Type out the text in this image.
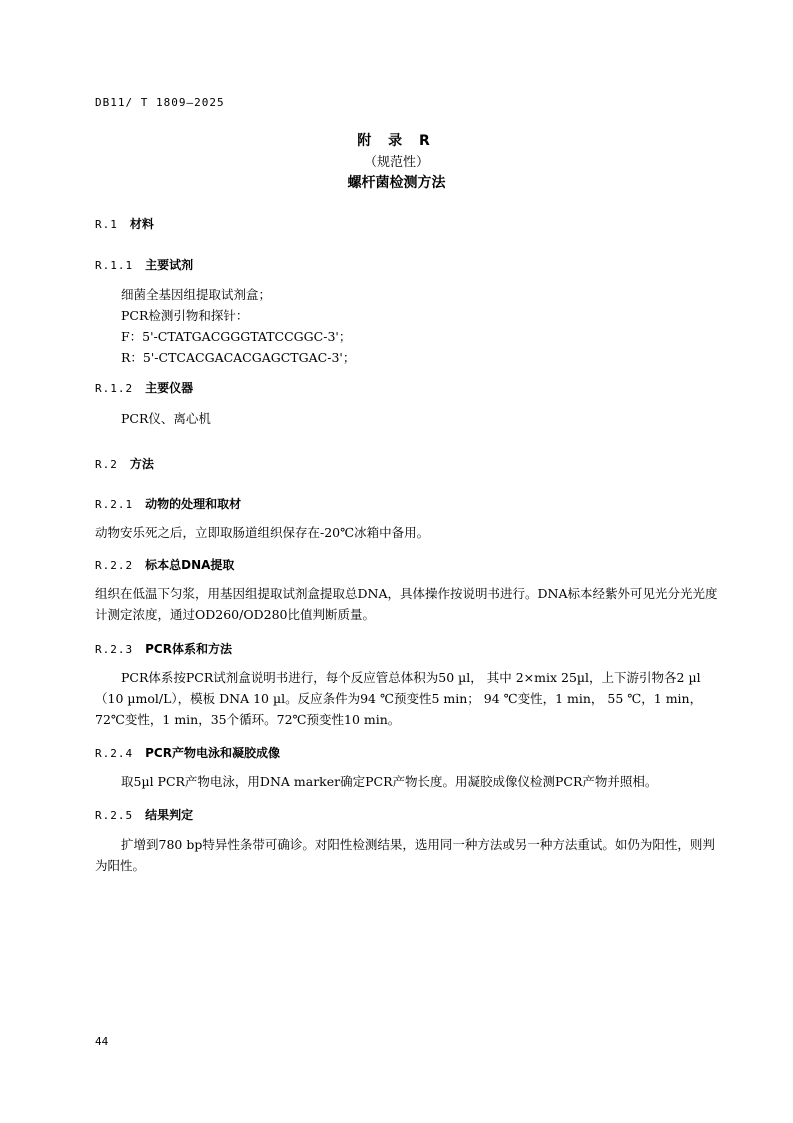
DB11/ T 1809—2025
附 录 R
（规范性）
螺杆菌检测方法
R.1 材料
R.1.1 主要试剂
细菌全基因组提取试剂盒；
PCR检测引物和探针：
F：5'-CTATGACGGGTATCCGGC-3'；
R：5'-CTCACGACACGAGCTGAC-3'；
R.1.2 主要仪器
PCR仪、离心机
R.2 方法
R.2.1 动物的处理和取材
动物安乐死之后，立即取肠道组织保存在-20℃冰箱中备用。
R.2.2 标本总DNA提取
组织在低温下匀浆，用基因组提取试剂盒提取总DNA，具体操作按说明书进行。DNA标本经紫外可见光分光光度计测定浓度，通过OD260/OD280比值判断质量。
R.2.3 PCR体系和方法
PCR体系按PCR试剂盒说明书进行，每个反应管总体积为50 µl， 其中 2×mix 25µl，上下游引物各2 µl（10 µmol/L），模板 DNA 10 µl。反应条件为94 ℃预变性5 min； 94 ℃变性，1 min， 55 ℃，1 min，72℃变性，1 min，35个循环。72℃预变性10 min。
R.2.4 PCR产物电泳和凝胶成像
取5µl PCR产物电泳，用DNA marker确定PCR产物长度。用凝胶成像仪检测PCR产物并照相。
R.2.5 结果判定
扩增到780 bp特异性条带可确诊。对阳性检测结果，选用同一种方法或另一种方法重试。如仍为阳性，则判为阳性。
44
